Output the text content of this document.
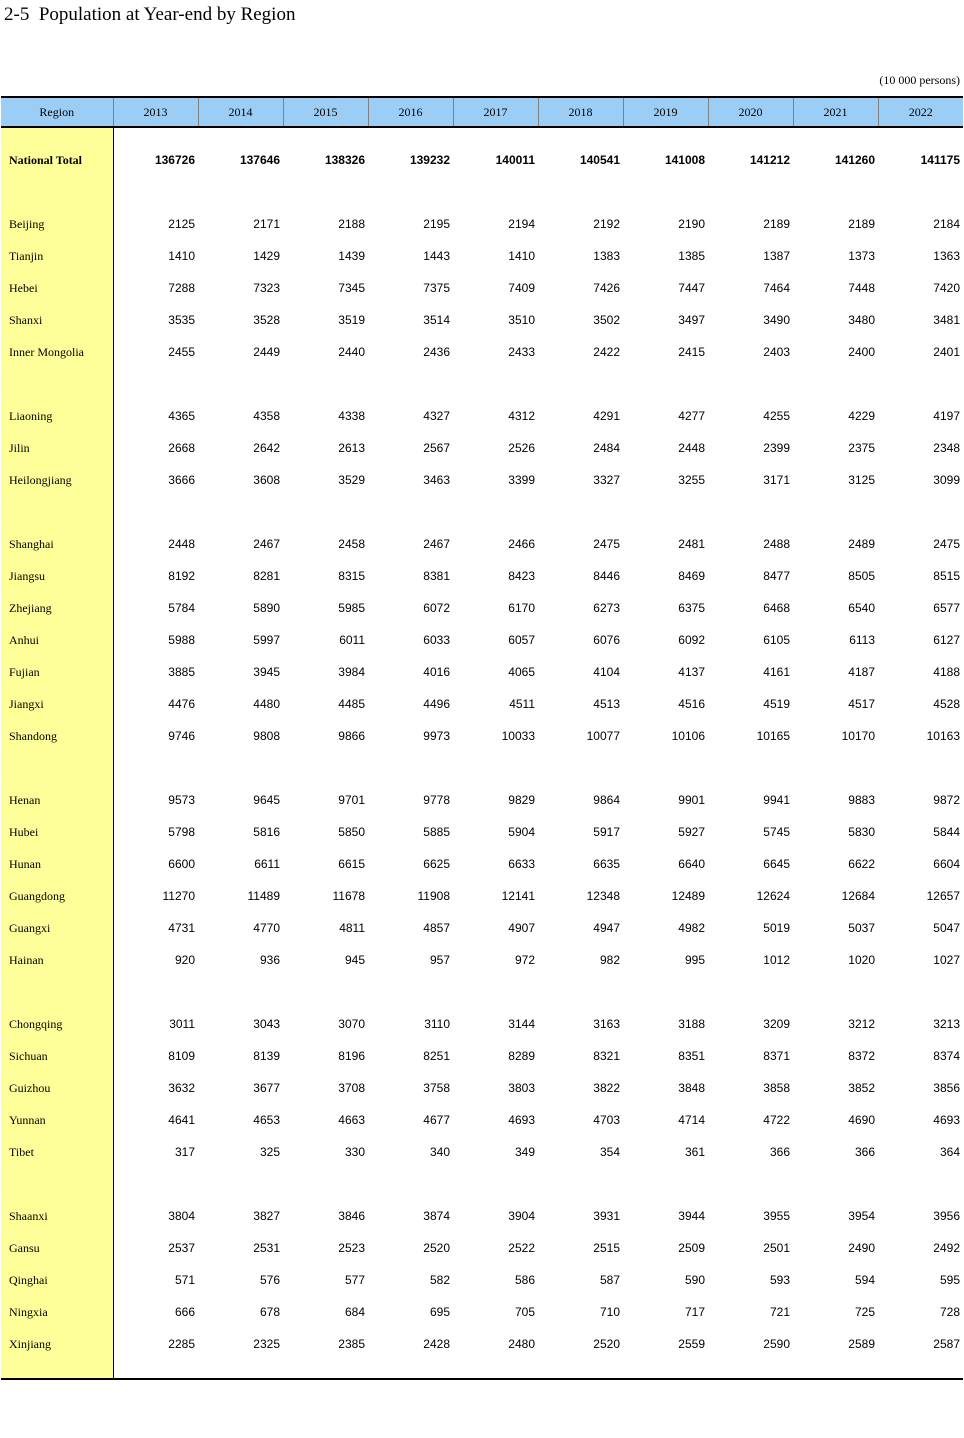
2-5  Population at Year-end by Region
(10 000 persons)
Region	2013	2014	2015	2016	2017	2018	2019	2020	2021	2022

National Total	136726	137646	138326	139232	140011	140541	141008	141212	141260	141175

Beijing	2125	2171	2188	2195	2194	2192	2190	2189	2189	2184
Tianjin	1410	1429	1439	1443	1410	1383	1385	1387	1373	1363
Hebei	7288	7323	7345	7375	7409	7426	7447	7464	7448	7420
Shanxi	3535	3528	3519	3514	3510	3502	3497	3490	3480	3481
Inner Mongolia	2455	2449	2440	2436	2433	2422	2415	2403	2400	2401

Liaoning	4365	4358	4338	4327	4312	4291	4277	4255	4229	4197
Jilin	2668	2642	2613	2567	2526	2484	2448	2399	2375	2348
Heilongjiang	3666	3608	3529	3463	3399	3327	3255	3171	3125	3099

Shanghai	2448	2467	2458	2467	2466	2475	2481	2488	2489	2475
Jiangsu	8192	8281	8315	8381	8423	8446	8469	8477	8505	8515
Zhejiang	5784	5890	5985	6072	6170	6273	6375	6468	6540	6577
Anhui	5988	5997	6011	6033	6057	6076	6092	6105	6113	6127
Fujian	3885	3945	3984	4016	4065	4104	4137	4161	4187	4188
Jiangxi	4476	4480	4485	4496	4511	4513	4516	4519	4517	4528
Shandong	9746	9808	9866	9973	10033	10077	10106	10165	10170	10163

Henan	9573	9645	9701	9778	9829	9864	9901	9941	9883	9872
Hubei	5798	5816	5850	5885	5904	5917	5927	5745	5830	5844
Hunan	6600	6611	6615	6625	6633	6635	6640	6645	6622	6604
Guangdong	11270	11489	11678	11908	12141	12348	12489	12624	12684	12657
Guangxi	4731	4770	4811	4857	4907	4947	4982	5019	5037	5047
Hainan	920	936	945	957	972	982	995	1012	1020	1027

Chongqing	3011	3043	3070	3110	3144	3163	3188	3209	3212	3213
Sichuan	8109	8139	8196	8251	8289	8321	8351	8371	8372	8374
Guizhou	3632	3677	3708	3758	3803	3822	3848	3858	3852	3856
Yunnan	4641	4653	4663	4677	4693	4703	4714	4722	4690	4693
Tibet	317	325	330	340	349	354	361	366	366	364

Shaanxi	3804	3827	3846	3874	3904	3931	3944	3955	3954	3956
Gansu	2537	2531	2523	2520	2522	2515	2509	2501	2490	2492
Qinghai	571	576	577	582	586	587	590	593	594	595
Ningxia	666	678	684	695	705	710	717	721	725	728
Xinjiang	2285	2325	2385	2428	2480	2520	2559	2590	2589	2587
